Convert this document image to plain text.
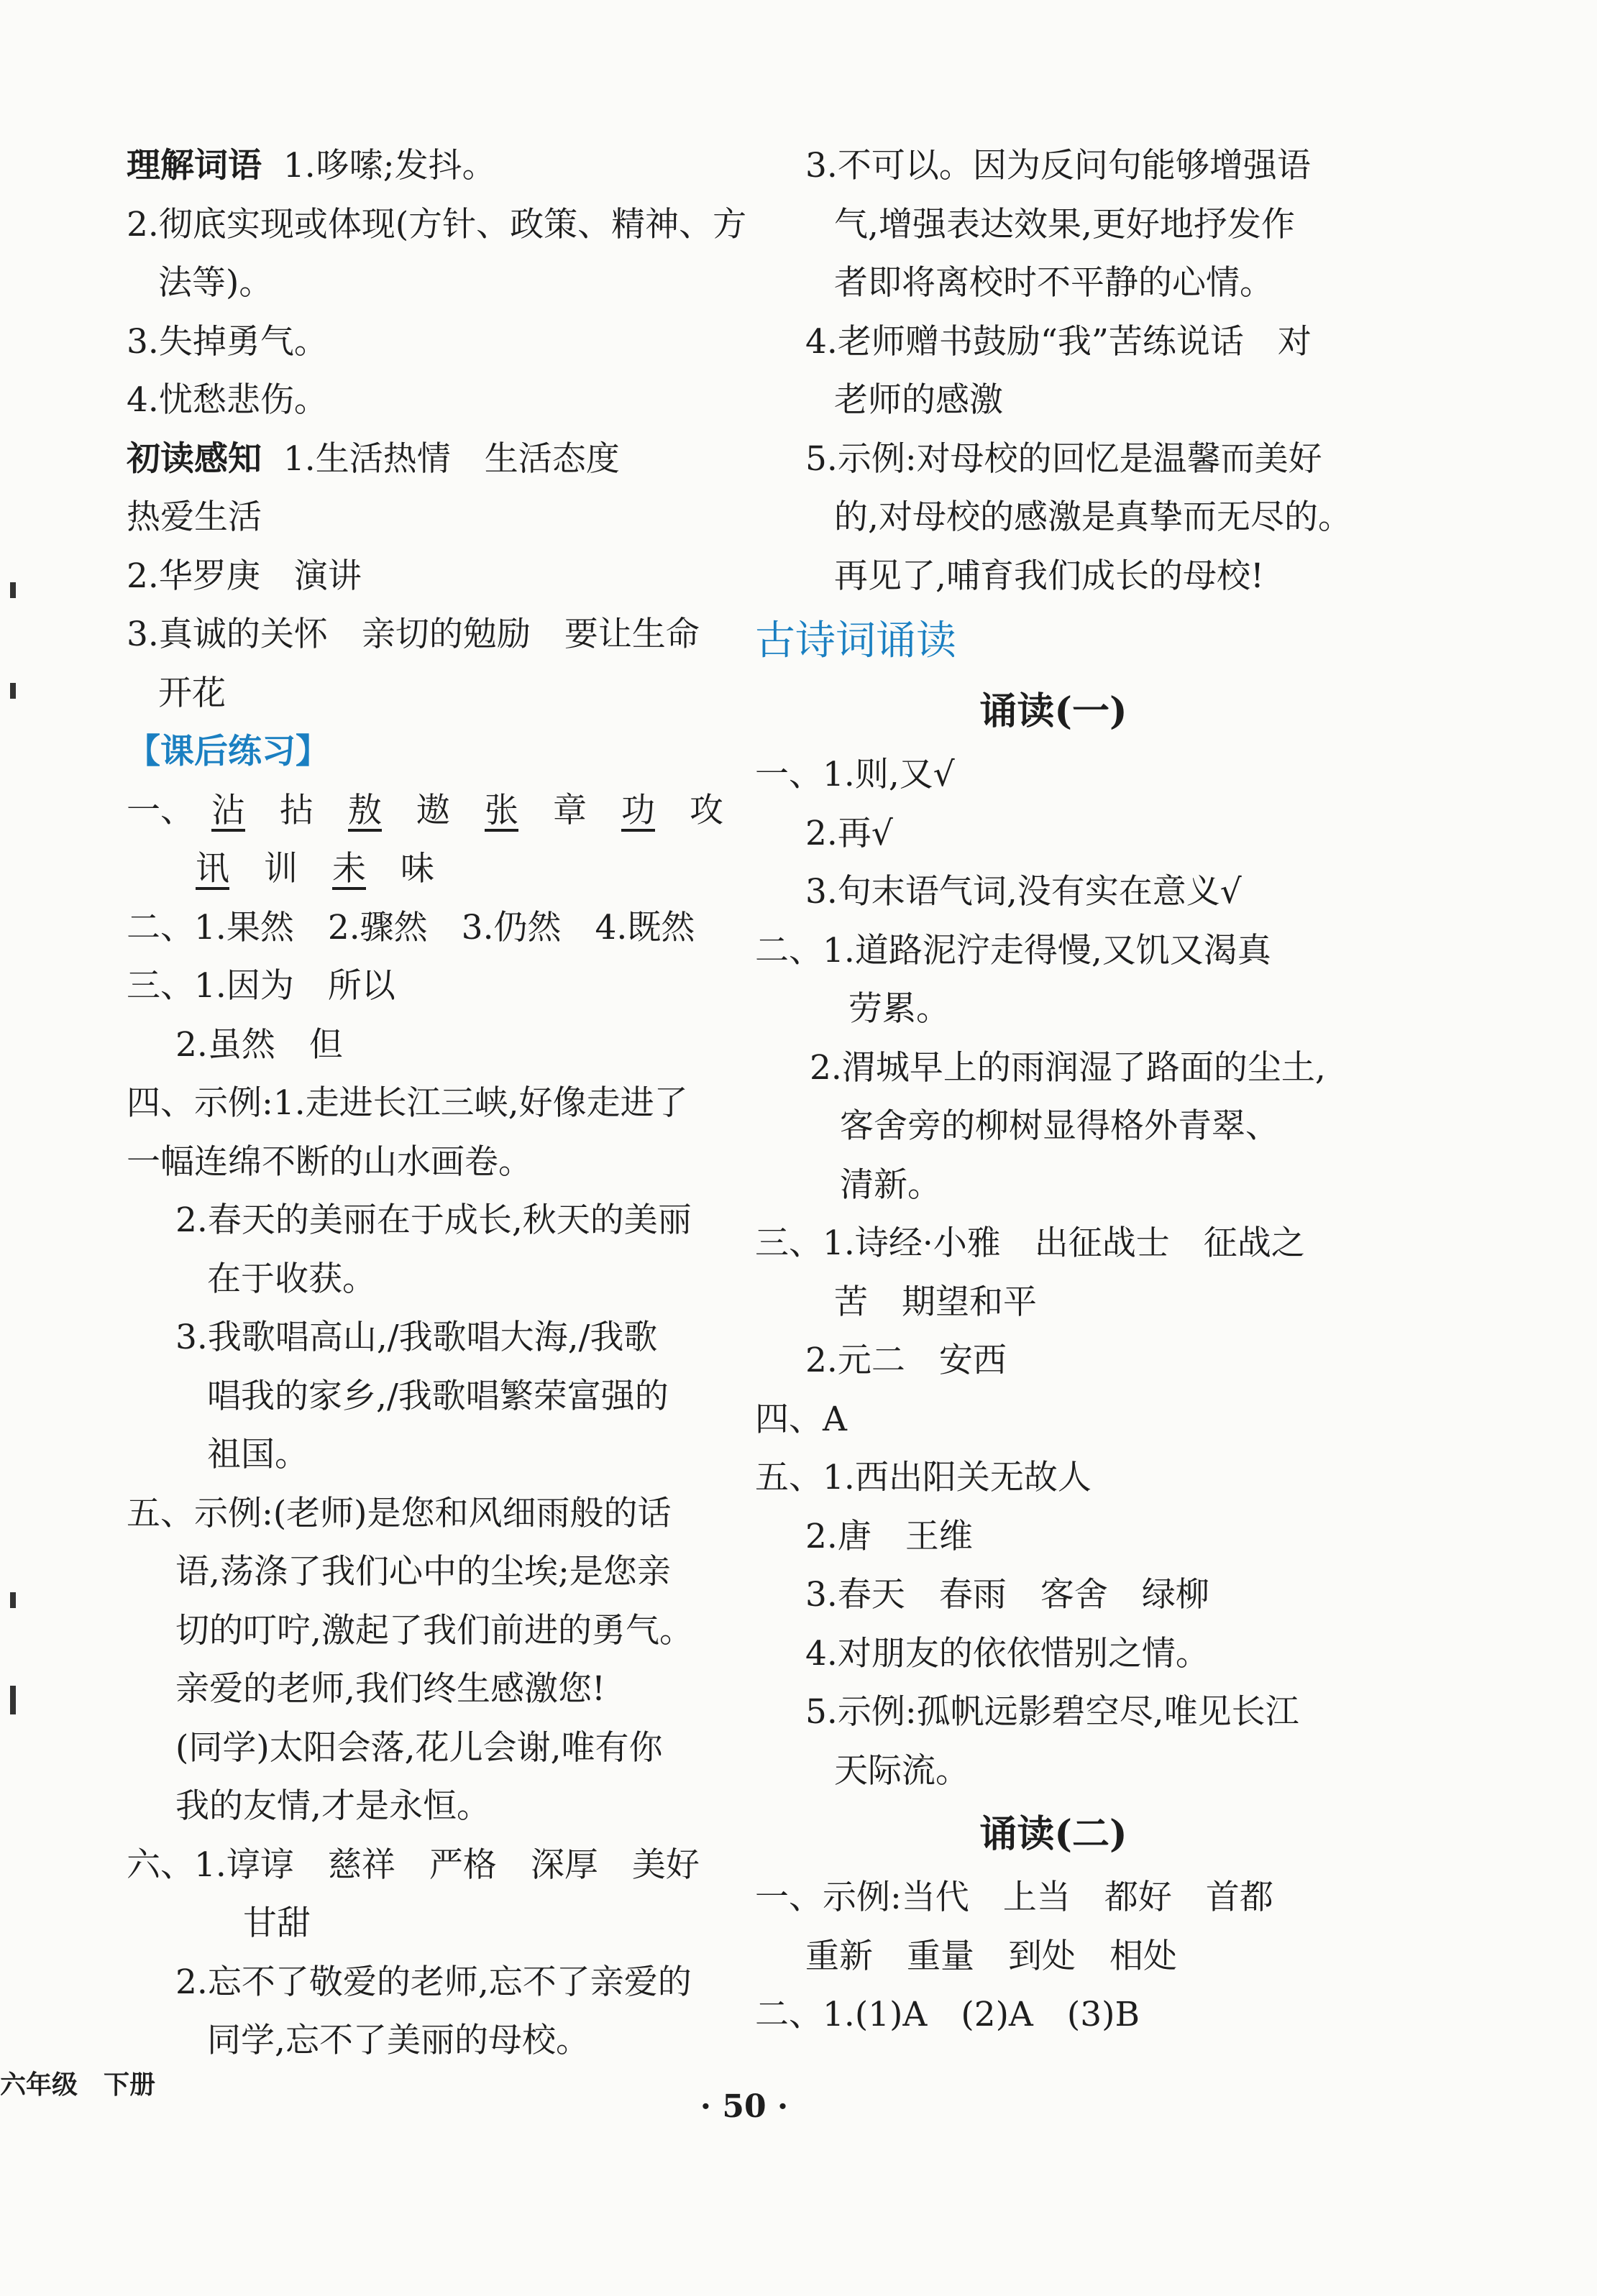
理解词语 1.哆嗦;发抖。
2.彻底实现或体现(方针、政策、精神、方
法等)。
3.失掉勇气。
4.忧愁悲伤。
初读感知 1.生活热情　生活态度
热爱生活
2.华罗庚　演讲
3.真诚的关怀　亲切的勉励　要让生命
开花
【课后练习】
一、 沾 拈 敖 遨 张 章 功 攻
讯 训 未 味
二、1.果然　2.骤然　3.仍然　4.既然
三、1.因为　所以
2.虽然　但
四、示例:1.走进长江三峡,好像走进了
一幅连绵不断的山水画卷。
2.春天的美丽在于成长,秋天的美丽
在于收获。
3.我歌唱高山,/我歌唱大海,/我歌
唱我的家乡,/我歌唱繁荣富强的
祖国。
五、示例:(老师)是您和风细雨般的话
语,荡涤了我们心中的尘埃;是您亲
切的叮咛,激起了我们前进的勇气。
亲爱的老师,我们终生感激您!
(同学)太阳会落,花儿会谢,唯有你
我的友情,才是永恒。
六、1.谆谆　慈祥　严格　深厚　美好
甘甜
2.忘不了敬爱的老师,忘不了亲爱的
同学,忘不了美丽的母校。
3.不可以。因为反问句能够增强语
气,增强表达效果,更好地抒发作
者即将离校时不平静的心情。
4.老师赠书鼓励“我”苦练说话　对
老师的感激
5.示例:对母校的回忆是温馨而美好
的,对母校的感激是真挚而无尽的。
再见了,哺育我们成长的母校!
古诗词诵读
诵读(一)
一、1.则,又√
2.再√
3.句末语气词,没有实在意义√
二、1.道路泥泞走得慢,又饥又渴真
劳累。
2.渭城早上的雨润湿了路面的尘土,
客舍旁的柳树显得格外青翠、
清新。
三、1.诗经·小雅　出征战士　征战之
苦　期望和平
2.元二　安西
四、A
五、1.西出阳关无故人
2.唐　王维
3.春天　春雨　客舍　绿柳
4.对朋友的依依惜别之情。
5.示例:孤帆远影碧空尽,唯见长江
天际流。
诵读(二)
一、示例:当代　上当　都好　首都
重新　重量　到处　相处
二、1.(1)A　(2)A　(3)B
六年级　下册
· 50 ·
